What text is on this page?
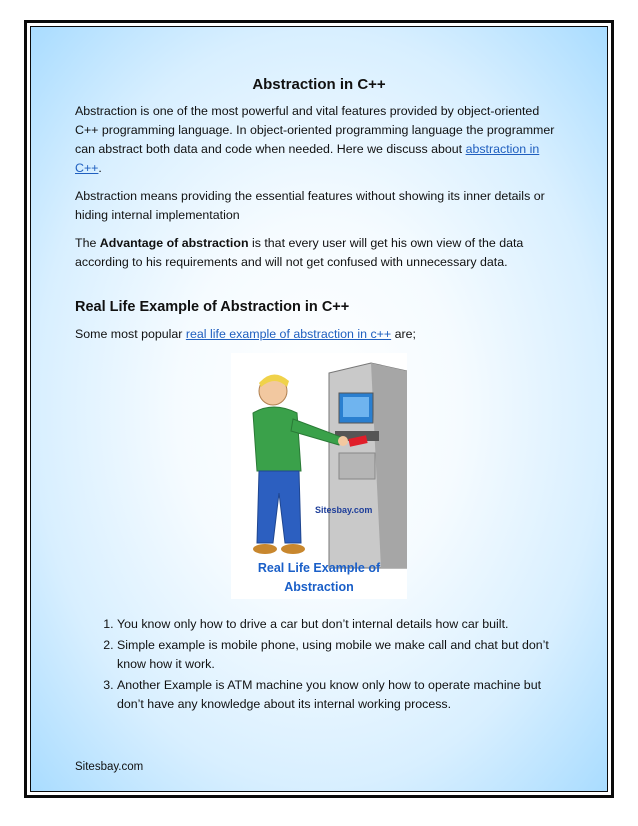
Abstraction in C++

Abstraction is one of the most powerful and vital features provided by object-oriented C++ programming language. In object-oriented programming language the programmer can abstract both data and code when needed. Here we discuss about abstraction in C++.

Abstraction means providing the essential features without showing its inner details or hiding internal implementation

The Advantage of abstraction is that every user will get his own view of the data according to his requirements and will not get confused with unnecessary data.

Real Life Example of Abstraction in C++

Some most popular real life example of abstraction in c++ are;

Sitesbay.com
Real Life Example of Abstraction
1. You know only how to drive a car but don’t internal details how car built.
2. Simple example is mobile phone, using mobile we make call and chat but don’t know how it work.
3. Another Example is ATM machine you know only how to operate machine but don’t have any knowledge about its internal working process.
Sitesbay.com
